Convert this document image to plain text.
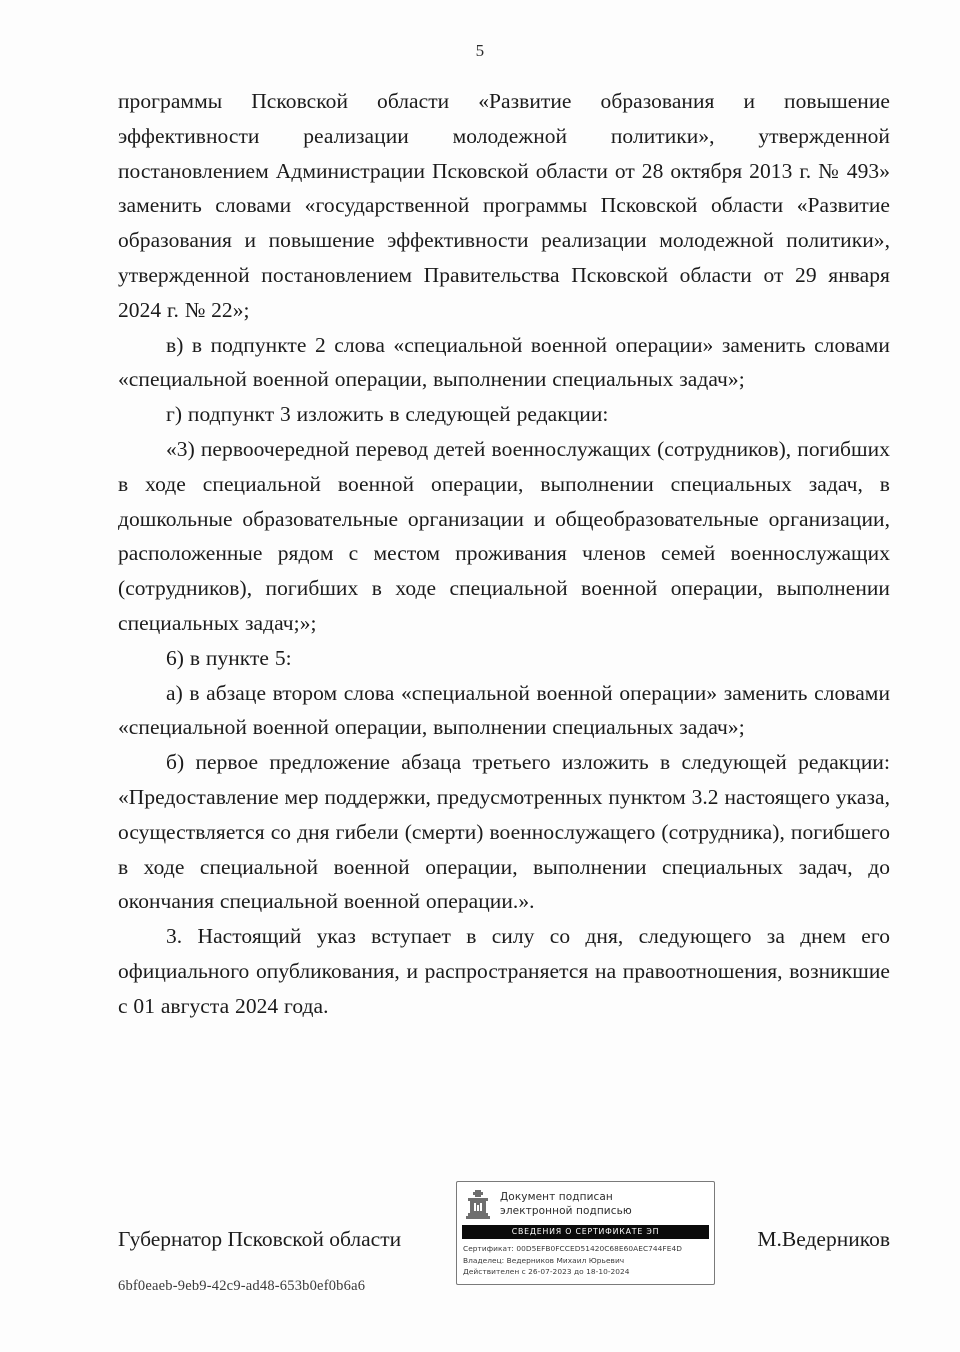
5

программы Псковской области «Развитие образования и повышение эффективности реализации молодежной политики», утвержденной постановлением Администрации Псковской области от 28 октября 2013 г. № 493» заменить словами «государственной программы Псковской области «Развитие образования и повышение эффективности реализации молодежной политики», утвержденной постановлением Правительства Псковской области от 29 января 2024 г. № 22»;

в) в подпункте 2 слова «специальной военной операции» заменить словами «специальной военной операции, выполнении специальных задач»;

г) подпункт 3 изложить в следующей редакции:

«3) первоочередной перевод детей военнослужащих (сотрудников), погибших в ходе специальной военной операции, выполнении специальных задач, в дошкольные образовательные организации и общеобразовательные организации, расположенные рядом с местом проживания членов семей военнослужащих (сотрудников), погибших в ходе специальной военной операции, выполнении специальных задач;»;

6) в пункте 5:

а) в абзаце втором слова «специальной военной операции» заменить словами «специальной военной операции, выполнении специальных задач»;

б) первое предложение абзаца третьего изложить в следующей редакции: «Предоставление мер поддержки, предусмотренных пунктом 3.2 настоящего указа, осуществляется со дня гибели (смерти) военнослужащего (сотрудника), погибшего в ходе специальной военной операции, выполнении специальных задач, до окончания специальной военной операции.».

3. Настоящий указ вступает в силу со дня, следующего за днем его официального опубликования, и распространяется на правоотношения, возникшие с 01 августа 2024 года.

Документ подписан
электронной подписью
СВЕДЕНИЯ О СЕРТИФИКАТЕ ЭП
Сертификат: 00D5EFB0FCCED51420C68E60AEC744FE4D
Владелец: Ведерников Михаил Юрьевич
Действителен с 26-07-2023 до 18-10-2024
Губернатор Псковской области	М.Ведерников
6bf0eaeb-9eb9-42c9-ad48-653b0ef0b6a6
